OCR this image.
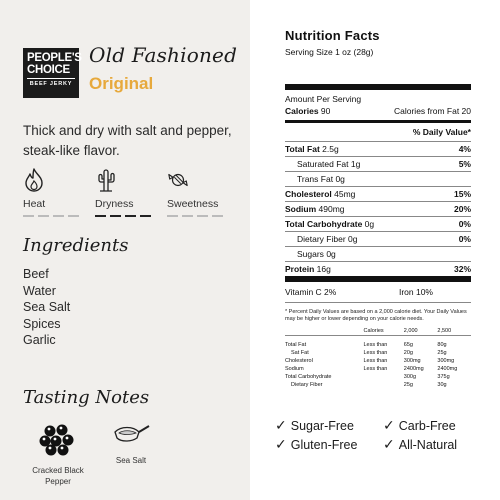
PEOPLE'S
CHOICE
BEEF JERKY
Old Fashioned
Original

Thick and dry with salt and pepper, steak-like flavor.

Heat	Dryness	Sweetness
Ingredients
Beef
Water
Sea Salt
Spices
Garlic
Tasting Notes
Cracked Black Pepper
Sea Salt
Nutrition Facts
Serving Size 1 oz (28g)
Amount Per Serving
Calories 90	Calories from Fat 20
% Daily Value*
Total Fat 2.5g	4%
Saturated Fat 1g	5%
Trans Fat 0g
Cholesterol 45mg	15%
Sodium 490mg	20%
Total Carbohydrate 0g	0%
Dietary Fiber 0g	0%
Sugars 0g
Protein 16g	32%
Vitamin C 2%	Iron 10%

* Percent Daily Values are based on a 2,000 calorie diet. Your Daily Values may be higher or lower depending on your calorie needs.

	Calories	2,000	2,500

Total Fat	Less than	65g	80g
Sat Fat	Less than	20g	25g
Cholesterol	Less than	300mg	300mg
Sodium	Less than	2400mg	2400mg
Total Carbohydrate		300g	375g
Dietary Fiber		25g	30g
✓ Sugar-Free ✓ Carb-Free
✓ Gluten-Free ✓ All-Natural
